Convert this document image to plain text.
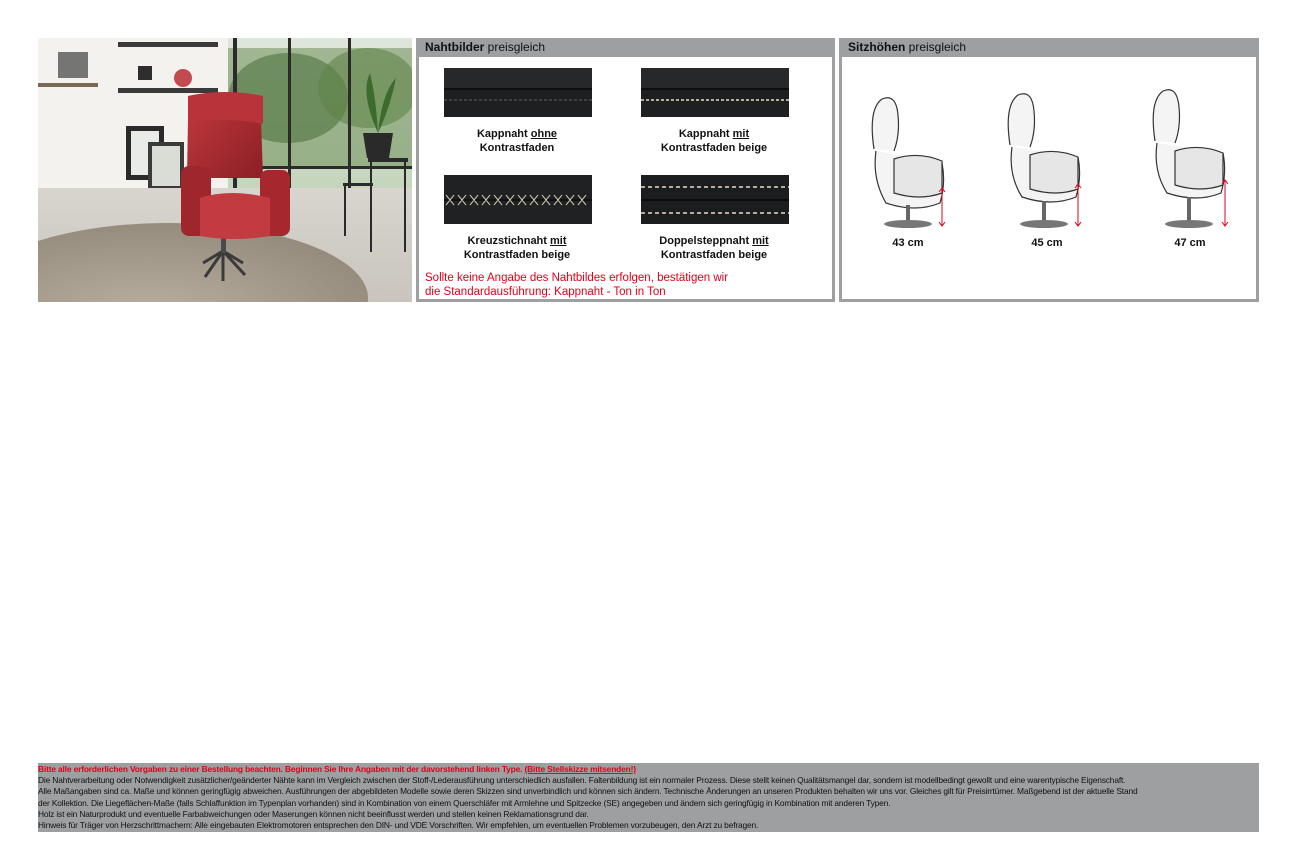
Nahtbilder preisgleich
Kappnaht ohne
Kontrastfaden
Kappnaht mit
Kontrastfaden beige
Kreuzstichnaht mit
Kontrastfaden beige
Doppelsteppnaht mit
Kontrastfaden beige
Sollte keine Angabe des Nahtbildes erfolgen, bestätigen wir
die Standardausführung: Kappnaht - Ton in Ton
Sitzhöhen preisgleich
43 cm	45 cm	47 cm
Bitte alle erforderlichen Vorgaben zu einer Bestellung beachten. Beginnen Sie Ihre Angaben mit der davorstehend linken Type. (Bitte Stellskizze mitsenden!)
Die Nahtverarbeitung oder Notwendigkeit zusätzlicher/geänderter Nähte kann im Vergleich zwischen der Stoff-/Lederausführung unterschiedlich ausfallen. Faltenbildung ist ein normaler Prozess. Diese stellt keinen Qualitätsmangel dar, sondern ist modellbedingt gewollt und eine warentypische Eigenschaft.
Alle Maßangaben sind ca. Maße und können geringfügig abweichen. Ausführungen der abgebildeten Modelle sowie deren Skizzen sind unverbindlich und können sich ändern. Technische Änderungen an unseren Produkten behalten wir uns vor. Gleiches gilt für Preisirrtümer. Maßgebend ist der aktuelle Stand
der Kollektion. Die Liegeflächen-Maße (falls Schlaffunktion im Typenplan vorhanden) sind in Kombination von einem Querschläfer mit Armlehne und Spitzecke (SE) angegeben und ändern sich geringfügig in Kombination mit anderen Typen.
Holz ist ein Naturprodukt und eventuelle Farbabweichungen oder Maserungen können nicht beeinflusst werden und stellen keinen Reklamationsgrund dar.
Hinweis für Träger von Herzschrittmachern: Alle eingebauten Elektromotoren entsprechen den DIN- und VDE Vorschriften. Wir empfehlen, um eventuellen Problemen vorzubeugen, den Arzt zu befragen.
